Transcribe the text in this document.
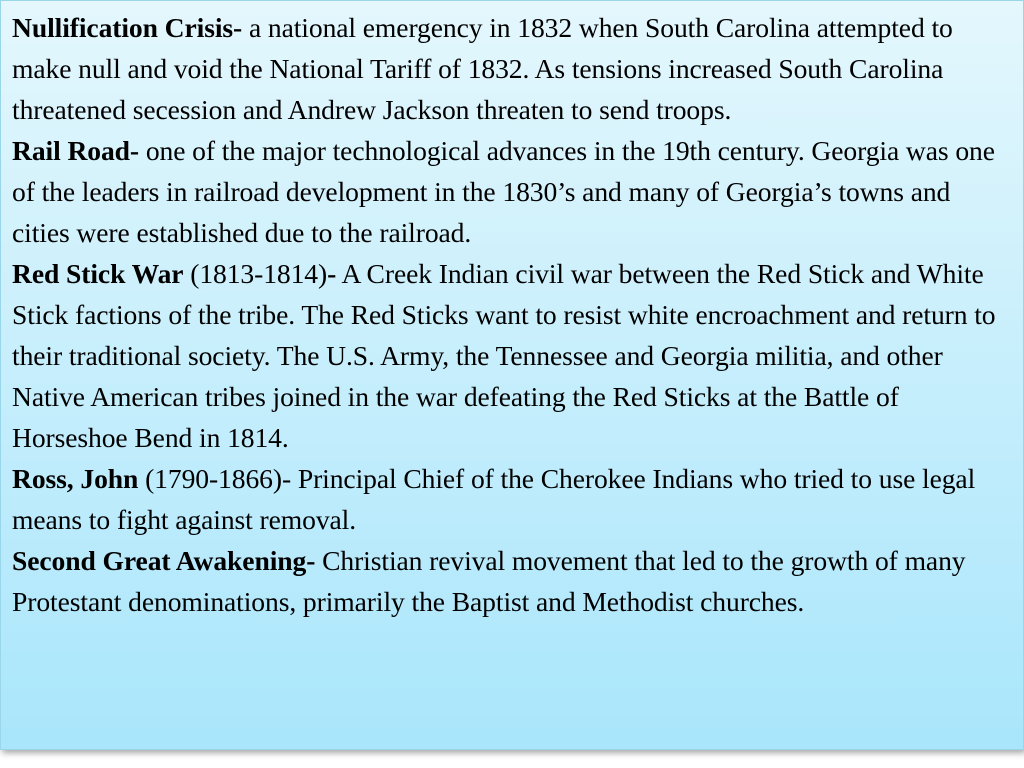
Nullification Crisis- a national emergency in 1832 when South Carolina attempted to make null and void the National Tariff of 1832. As tensions increased South Carolina threatened secession and Andrew Jackson threaten to send troops.

Rail Road- one of the major technological advances in the 19th century. Georgia was one of the leaders in railroad development in the 1830’s and many of Georgia’s towns and cities were established due to the railroad.

Red Stick War (1813-1814)- A Creek Indian civil war between the Red Stick and White Stick factions of the tribe. The Red Sticks want to resist white encroachment and return to their traditional society. The U.S. Army, the Tennessee and Georgia militia, and other Native American tribes joined in the war defeating the Red Sticks at the Battle of Horseshoe Bend in 1814.

Ross, John (1790-1866)- Principal Chief of the Cherokee Indians who tried to use legal means to fight against removal.

Second Great Awakening- Christian revival movement that led to the growth of many Protestant denominations, primarily the Baptist and Methodist churches.
